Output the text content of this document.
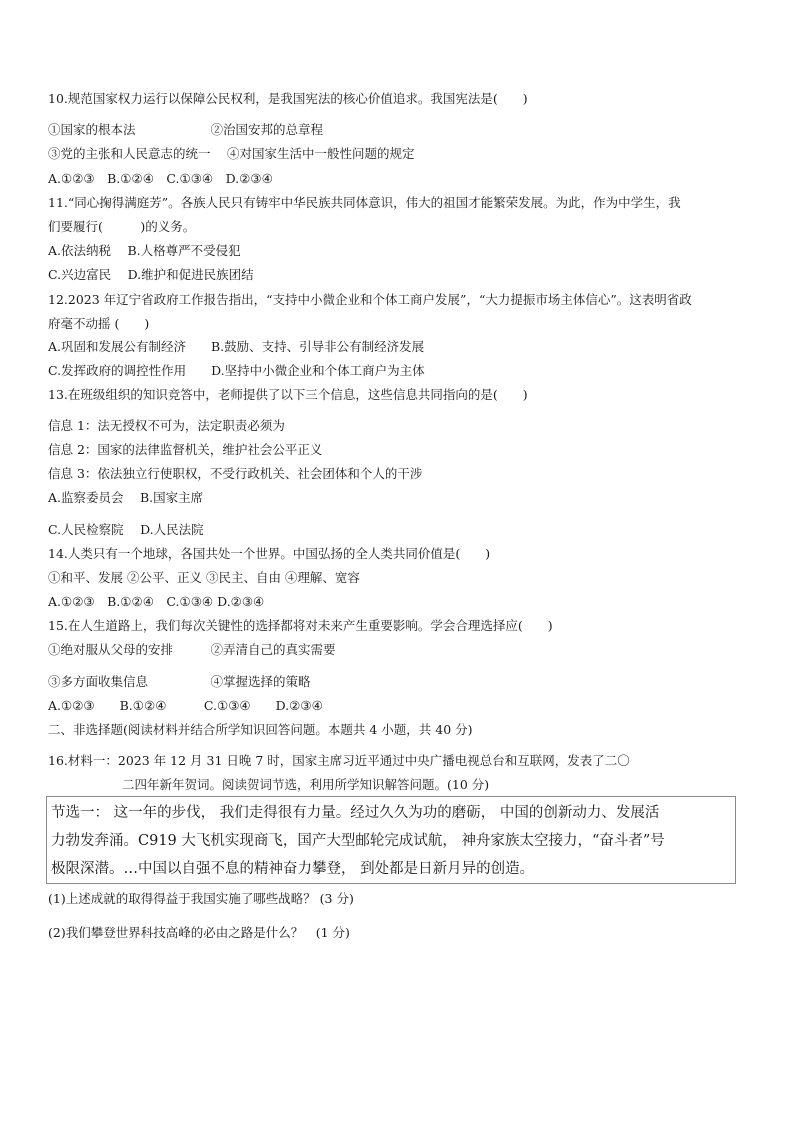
10.规范国家权力运行以保障公民权利，是我国宪法的核心价值追求。我国宪法是(　　)
①国家的根本法　　　　　　②治国安邦的总章程
③党的主张和人民意志的统一　 ④对国家生活中一般性问题的规定
A.①②③　B.①②④　C.①③④　D.②③④
11.“同心掬得满庭芳”。各族人民只有铸牢中华民族共同体意识，伟大的祖国才能繁荣发展。为此，作为中学生，我
们要履行(　　　)的义务。
A.依法纳税　 B.人格尊严不受侵犯
C.兴边富民　 D.维护和促进民族团结
12.2023 年辽宁省政府工作报告指出，“支持中小微企业和个体工商户发展”，“大力提振市场主体信心”。这表明省政
府毫不动摇 (　　)
A.巩固和发展公有制经济　　B.鼓励、支持、引导非公有制经济发展
C.发挥政府的调控性作用　　D.坚持中小微企业和个体工商户为主体
13.在班级组织的知识竞答中，老师提供了以下三个信息，这些信息共同指向的是(　　)
信息 1：法无授权不可为，法定职责必须为
信息 2：国家的法律监督机关，维护社会公平正义
信息 3：依法独立行使职权，不受行政机关、社会团体和个人的干涉
A.监察委员会　 B.国家主席
C.人民检察院　 D.人民法院
14.人类只有一个地球，各国共处一个世界。中国弘扬的全人类共同价值是(　　)
①和平、发展 ②公平、正义 ③民主、自由 ④理解、宽容
A.①②③　B.①②④　C.①③④ D.②③④
15.在人生道路上，我们每次关键性的选择都将对未来产生重要影响。学会合理选择应(　　)
①绝对服从父母的安排　　　②弄清自己的真实需要
③多方面收集信息　　　　　④掌握选择的策略
A.①②③　　B.①②④　　　C.①③④　　D.②③④
二、非选择题(阅读材料并结合所学知识回答问题。本题共 4 小题，共 40 分)
16.材料一：2023 年 12 月 31 日晚 7 时，国家主席习近平通过中央广播电视总台和互联网，发表了二〇
二四年新年贺词。阅读贺词节选，利用所学知识解答问题。(10 分)
节选一： 这一年的步伐， 我们走得很有力量。经过久久为功的磨砺， 中国的创新动力、发展活
力勃发奔涌。C919 大飞机实现商飞，国产大型邮轮完成试航， 神舟家族太空接力，“奋斗者”号
极限深潜。…中国以自强不息的精神奋力攀登， 到处都是日新月异的创造。
(1)上述成就的取得得益于我国实施了哪些战略？ (3 分)
(2)我们攀登世界科技高峰的必由之路是什么？　(1 分)
